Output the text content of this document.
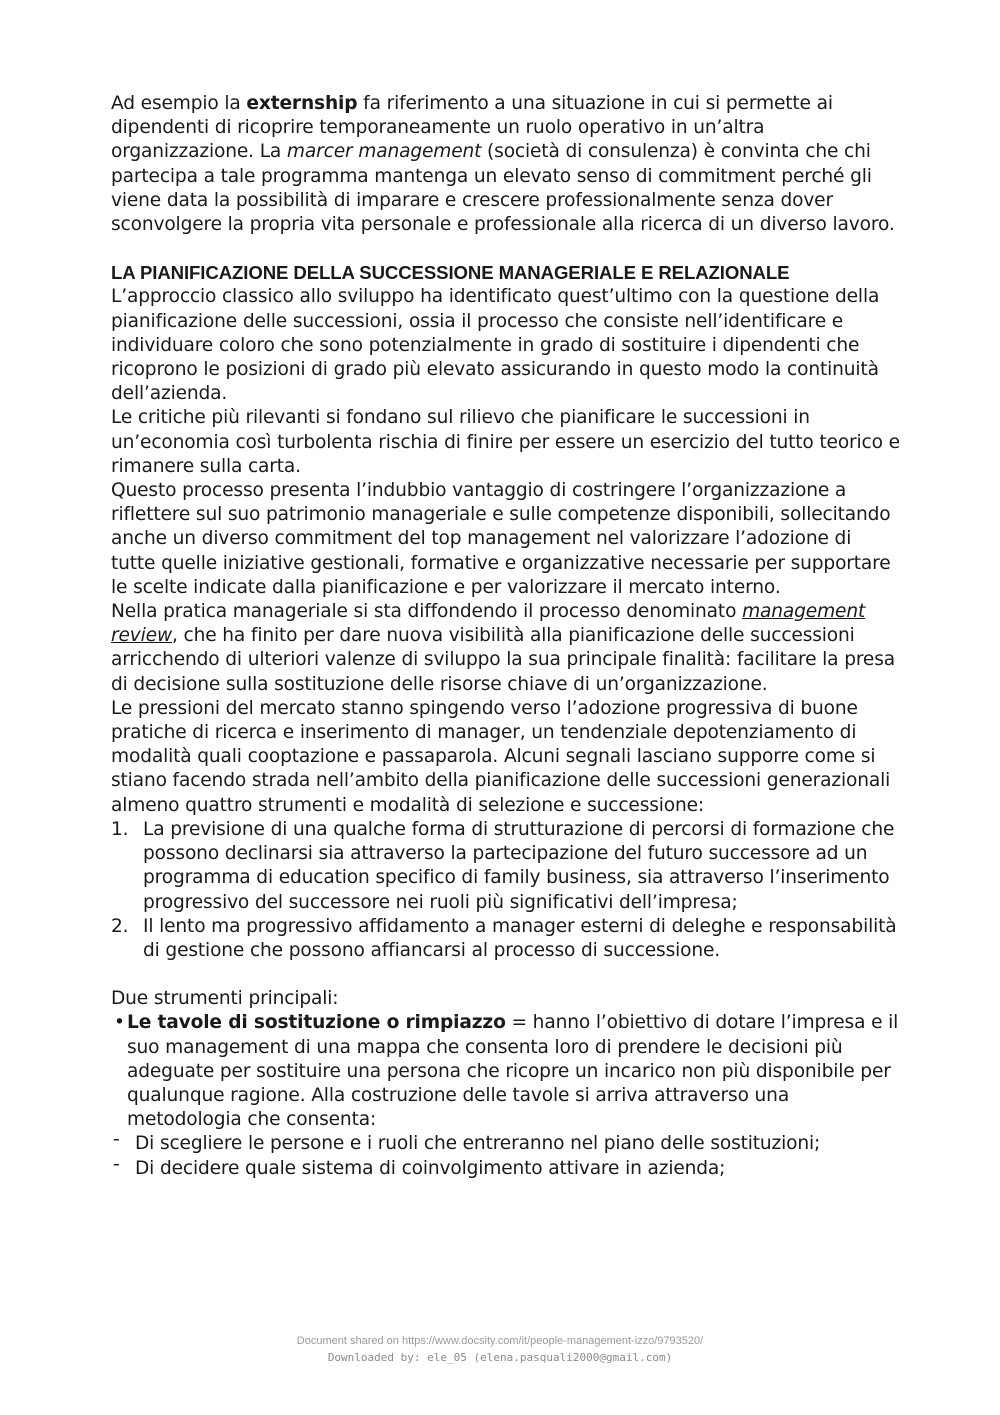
Ad esempio la externship fa riferimento a una situazione in cui si permette ai dipendenti di ricoprire temporaneamente un ruolo operativo in un’altra organizzazione. La marcer management (società di consulenza) è convinta che chi partecipa a tale programma mantenga un elevato senso di commitment perché gli viene data la possibilità di imparare e crescere professionalmente senza dover sconvolgere la propria vita personale e professionale alla ricerca di un diverso lavoro.

LA PIANIFICAZIONE DELLA SUCCESSIONE MANAGERIALE E RELAZIONALE

L’approccio classico allo sviluppo ha identificato quest’ultimo con la questione della pianificazione delle successioni, ossia il processo che consiste nell’identificare e individuare coloro che sono potenzialmente in grado di sostituire i dipendenti che ricoprono le posizioni di grado più elevato assicurando in questo modo la continuità dell’azienda.

Le critiche più rilevanti si fondano sul rilievo che pianificare le successioni in un’economia così turbolenta rischia di finire per essere un esercizio del tutto teorico e rimanere sulla carta.

Questo processo presenta l’indubbio vantaggio di costringere l’organizzazione a riflettere sul suo patrimonio manageriale e sulle competenze disponibili, sollecitando anche un diverso commitment del top management nel valorizzare l’adozione di tutte quelle iniziative gestionali, formative e organizzative necessarie per supportare le scelte indicate dalla pianificazione e per valorizzare il mercato interno.

Nella pratica manageriale si sta diffondendo il processo denominato management review, che ha finito per dare nuova visibilità alla pianificazione delle successioni arricchendo di ulteriori valenze di sviluppo la sua principale finalità: facilitare la presa di decisione sulla sostituzione delle risorse chiave di un’organizzazione.

Le pressioni del mercato stanno spingendo verso l’adozione progressiva di buone pratiche di ricerca e inserimento di manager, un tendenziale depotenziamento di modalità quali cooptazione e passaparola. Alcuni segnali lasciano supporre come si stiano facendo strada nell’ambito della pianificazione delle successioni generazionali almeno quattro strumenti e modalità di selezione e successione:

1. La previsione di una qualche forma di strutturazione di percorsi di formazione che possono declinarsi sia attraverso la partecipazione del futuro successore ad un programma di education specifico di family business, sia attraverso l’inserimento progressivo del successore nei ruoli più significativi dell’impresa;
2. Il lento ma progressivo affidamento a manager esterni di deleghe e responsabilità di gestione che possono affiancarsi al processo di successione.

Due strumenti principali:

• Le tavole di sostituzione o rimpiazzo = hanno l’obiettivo di dotare l’impresa e il suo management di una mappa che consenta loro di prendere le decisioni più adeguate per sostituire una persona che ricopre un incarico non più disponibile per qualunque ragione. Alla costruzione delle tavole si arriva attraverso una metodologia che consenta:
- Di scegliere le persone e i ruoli che entreranno nel piano delle sostituzioni;
- Di decidere quale sistema di coinvolgimento attivare in azienda;
Document shared on https://www.docsity.com/it/people-management-izzo/9793520/
Downloaded by: ele_05 (elena.pasquali2000@gmail.com)
